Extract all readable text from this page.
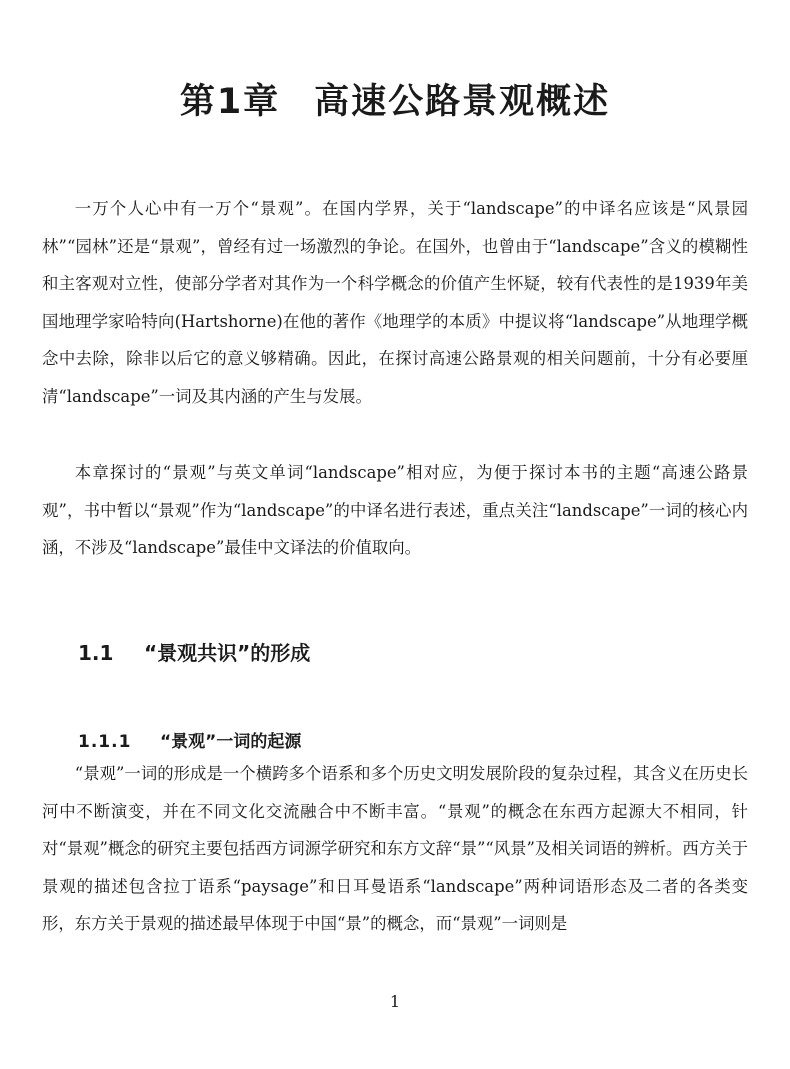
第1章 高速公路景观概述

一万个人心中有一万个“景观”。在国内学界，关于“landscape”的中译名应该是“风景园林”“园林”还是“景观”，曾经有过一场激烈的争论。在国外，也曾由于“landscape”含义的模糊性和主客观对立性，使部分学者对其作为一个科学概念的价值产生怀疑，较有代表性的是1939年美国地理学家哈特向(Hartshorne)在他的著作《地理学的本质》中提议将“landscape”从地理学概念中去除，除非以后它的意义够精确。因此，在探讨高速公路景观的相关问题前，十分有必要厘清“landscape”一词及其内涵的产生与发展。

本章探讨的“景观”与英文单词“landscape”相对应，为便于探讨本书的主题“高速公路景观”，书中暂以“景观”作为“landscape”的中译名进行表述，重点关注“landscape”一词的核心内涵，不涉及“landscape”最佳中文译法的价值取向。

1.1 “景观共识”的形成
1.1.1 “景观”一词的起源

“景观”一词的形成是一个横跨多个语系和多个历史文明发展阶段的复杂过程，其含义在历史长河中不断演变，并在不同文化交流融合中不断丰富。“景观”的概念在东西方起源大不相同，针对“景观”概念的研究主要包括西方词源学研究和东方文辞“景”“风景”及相关词语的辨析。西方关于景观的描述包含拉丁语系“paysage”和日耳曼语系“landscape”两种词语形态及二者的各类变形，东方关于景观的描述最早体现于中国“景”的概念，而“景观”一词则是

1
